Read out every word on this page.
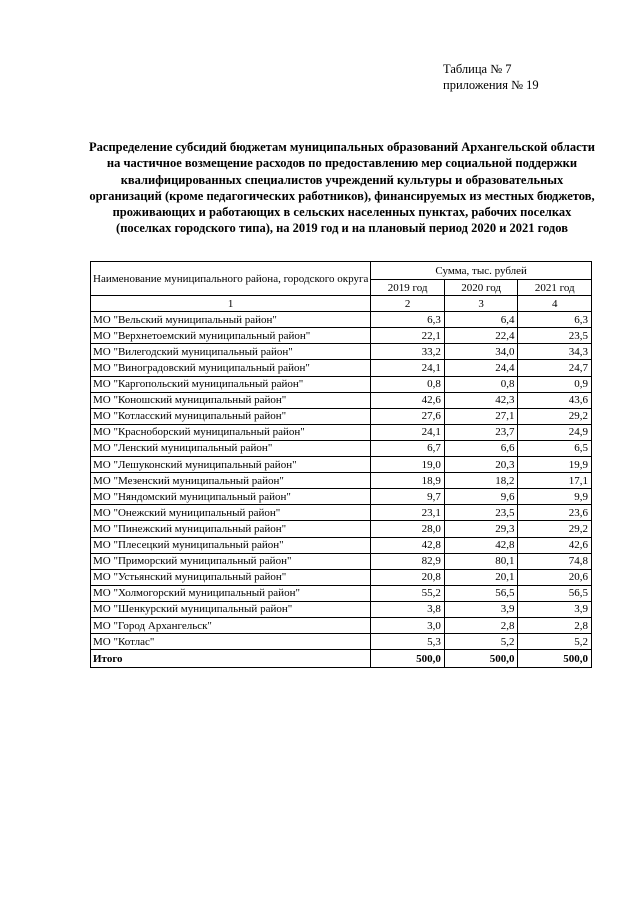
Таблица № 7
приложения № 19
Распределение субсидий бюджетам муниципальных образований Архангельской области на частичное возмещение расходов по предоставлению мер социальной поддержки квалифицированных специалистов учреждений культуры и образовательных организаций (кроме педагогических работников), финансируемых из местных бюджетов, проживающих и работающих в сельских населенных пунктах, рабочих поселках (поселках городского типа), на 2019 год и на плановый период 2020 и 2021 годов
Наименование муниципального района, городского округа	Сумма, тыс. рублей		
	2019 год	2020 год	2021 год
1	2	3	4
МО "Вельский муниципальный район"	6,3	6,4	6,3
МО "Верхнетоемский муниципальный район"	22,1	22,4	23,5
МО "Вилегодский муниципальный район"	33,2	34,0	34,3
МО "Виноградовский муниципальный район"	24,1	24,4	24,7
МО "Каргопольский муниципальный район"	0,8	0,8	0,9
МО "Коношский муниципальный район"	42,6	42,3	43,6
МО "Котласский муниципальный район"	27,6	27,1	29,2
МО "Красноборский муниципальный район"	24,1	23,7	24,9
МО "Ленский муниципальный район"	6,7	6,6	6,5
МО "Лешуконский муниципальный район"	19,0	20,3	19,9
МО "Мезенский муниципальный район"	18,9	18,2	17,1
МО "Няндомский муниципальный район"	9,7	9,6	9,9
МО "Онежский муниципальный район"	23,1	23,5	23,6
МО "Пинежский муниципальный район"	28,0	29,3	29,2
МО "Плесецкий муниципальный район"	42,8	42,8	42,6
МО "Приморский муниципальный район"	82,9	80,1	74,8
МО "Устьянский муниципальный район"	20,8	20,1	20,6
МО "Холмогорский муниципальный район"	55,2	56,5	56,5
МО "Шенкурский муниципальный район"	3,8	3,9	3,9
МО "Город Архангельск"	3,0	2,8	2,8
МО "Котлас"	5,3	5,2	5,2
Итого	500,0	500,0	500,0
